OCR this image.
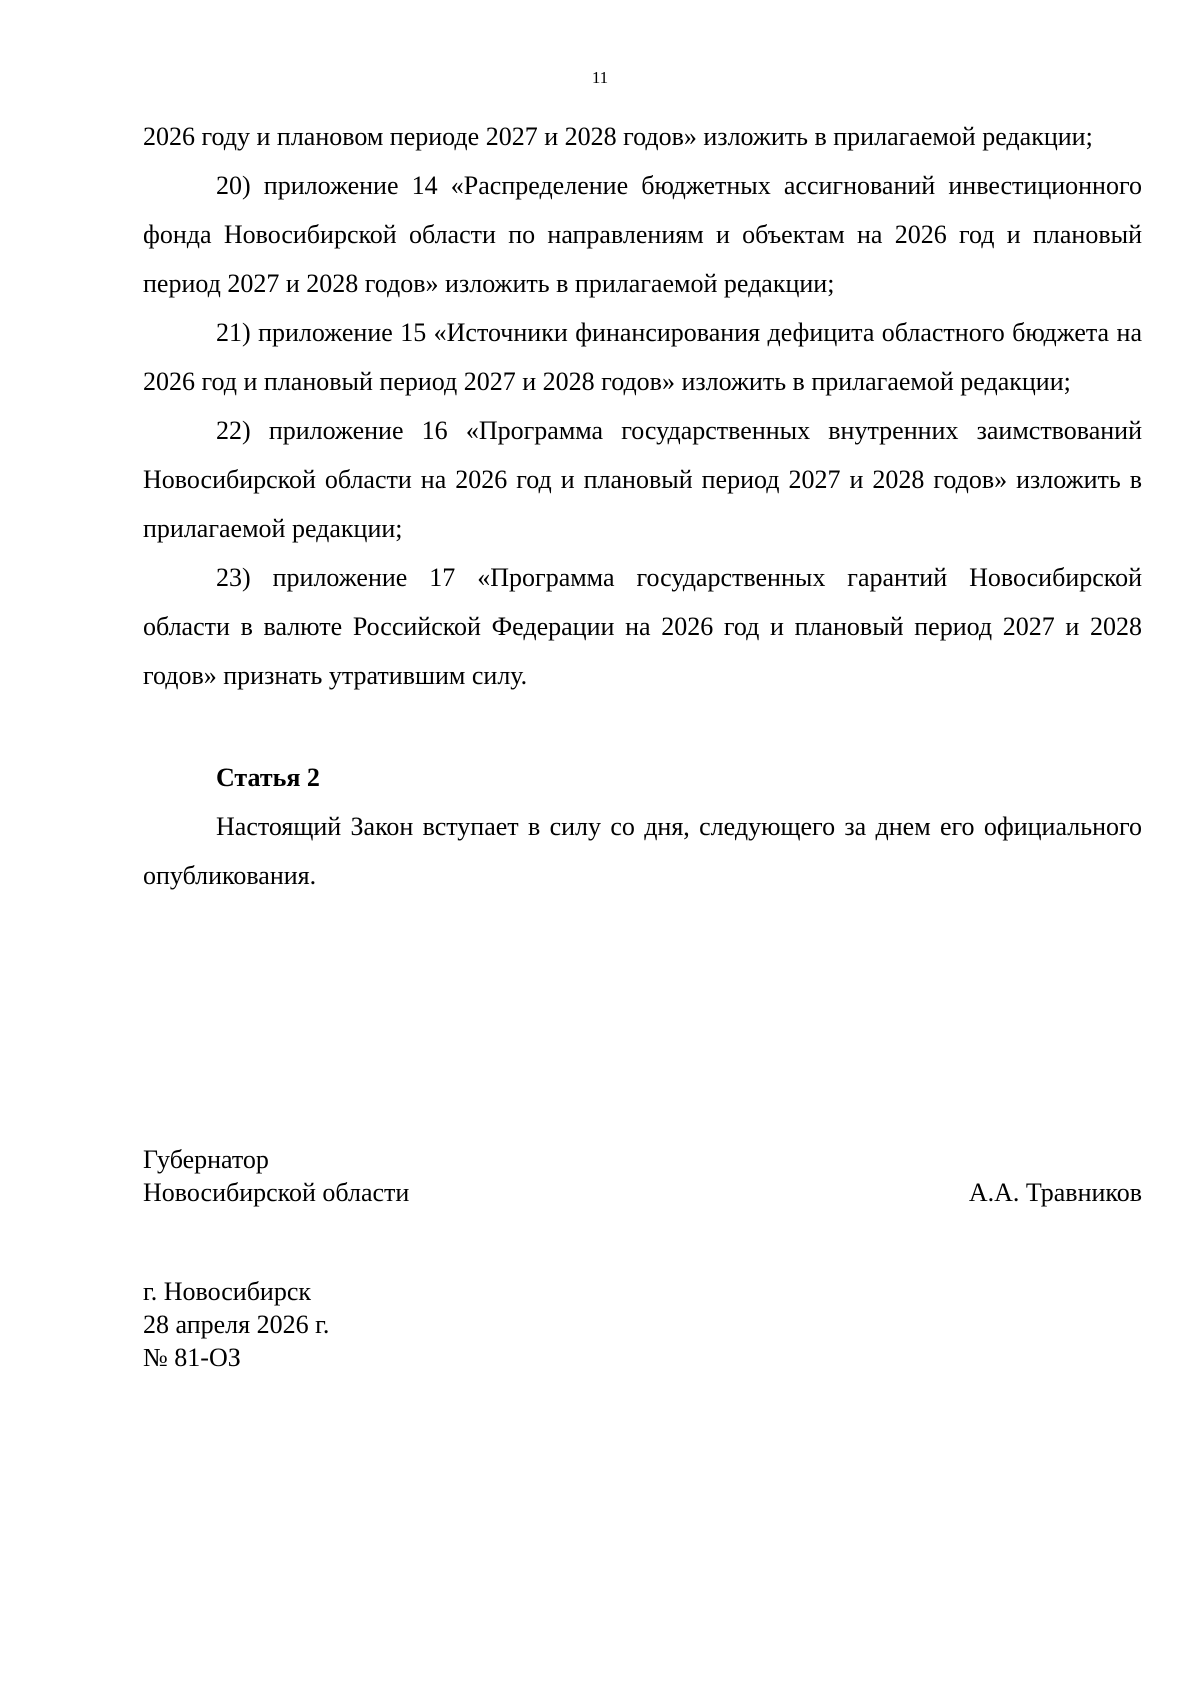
11

2026 году и плановом периоде 2027 и 2028 годов» изложить в прилагаемой редакции;

20) приложение 14 «Распределение бюджетных ассигнований инвестиционного фонда Новосибирской области по направлениям и объектам на 2026 год и плановый период 2027 и 2028 годов» изложить в прилагаемой редакции;

21) приложение 15 «Источники финансирования дефицита областного бюджета на 2026 год и плановый период 2027 и 2028 годов» изложить в прилагаемой редакции;

22) приложение 16 «Программа государственных внутренних заимствований Новосибирской области на 2026 год и плановый период 2027 и 2028 годов» изложить в прилагаемой редакции;

23) приложение 17 «Программа государственных гарантий Новосибирской области в валюте Российской Федерации на 2026 год и плановый период 2027 и 2028 годов» признать утратившим силу.

Статья 2

Настоящий Закон вступает в силу со дня, следующего за днем его официального опубликования.

Губернатор
Новосибирской области	А.А. Травников
г. Новосибирск
28 апреля 2026 г.
№ 81-ОЗ
